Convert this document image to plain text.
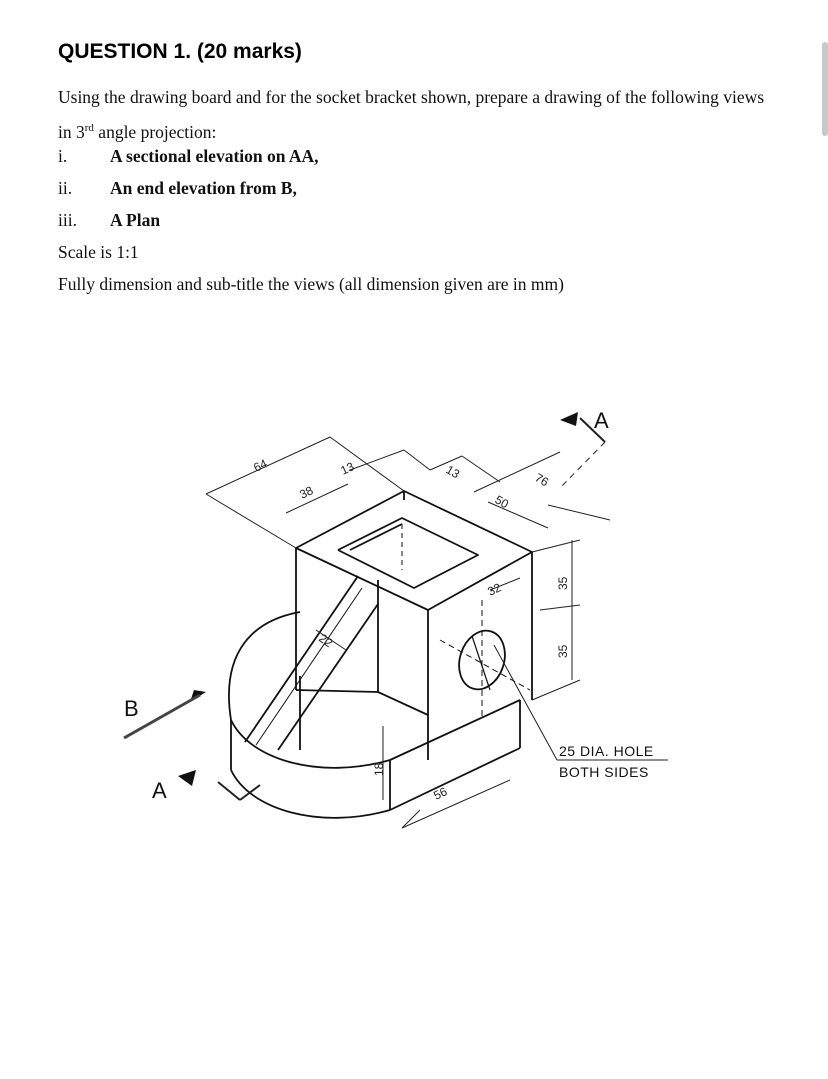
QUESTION 1. (20 marks)
Using the drawing board and for the socket bracket shown, prepare a drawing of the following views in 3rd angle projection:
i. A sectional elevation on AA,
ii. An end elevation from B,
iii. A Plan
Scale is 1:1
Fully dimension and sub-title the views (all dimension given are in mm)
64
38
13	13	76
50
32	35
35
22
18
56
A
A
B
25 DIA. HOLE
BOTH SIDES
